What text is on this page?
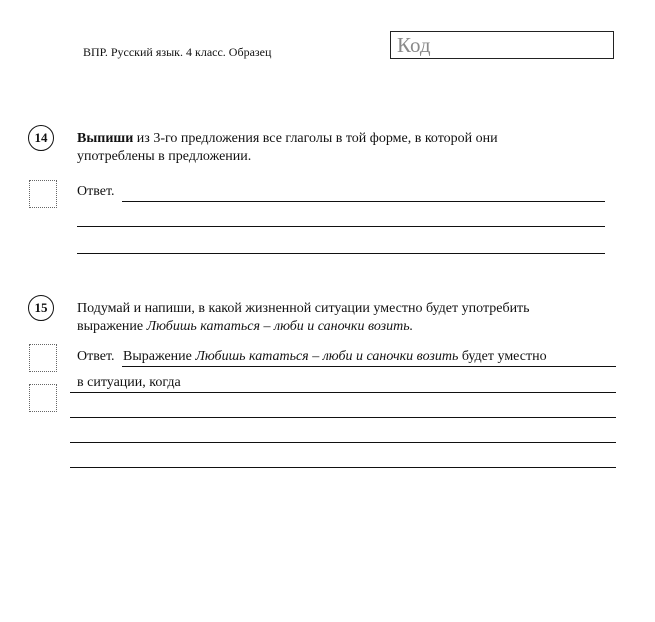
ВПР. Русский язык. 4 класс. Образец	Код
14	Выпиши из 3-го предложения все глаголы в той форме, в которой они
употреблены в предложении.
Ответ.
15	Подумай и напиши, в какой жизненной ситуации уместно будет употребить
выражение Любишь кататься – люби и саночки возить.
Ответ. Выражение Любишь кататься – люби и саночки возить будет уместно
в ситуации, когда
